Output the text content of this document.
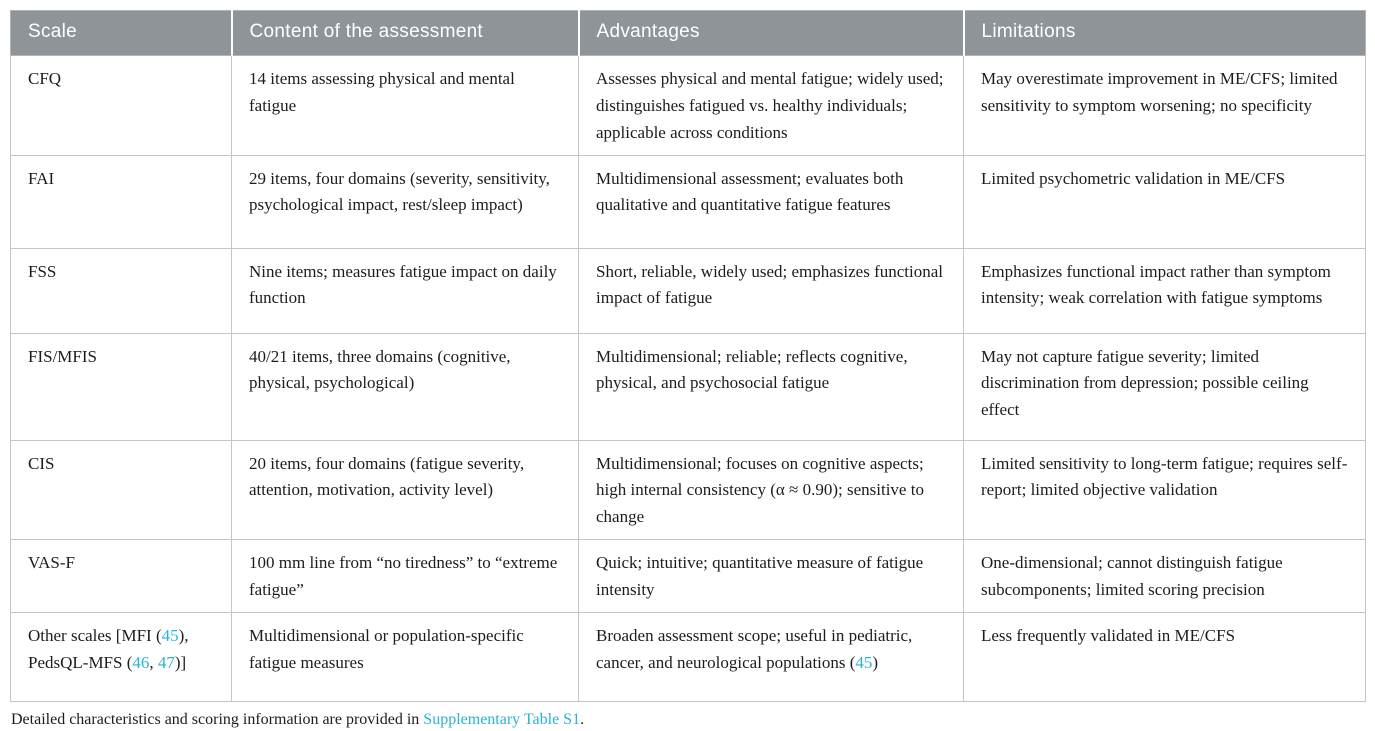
Scale	Content of the assessment	Advantages	Limitations
CFQ	14 items assessing physical and mental fatigue	Assesses physical and mental fatigue; widely used; distinguishes fatigued vs. healthy individuals; applicable across conditions	May overestimate improvement in ME/CFS; limited sensitivity to symptom worsening; no specificity
FAI	29 items, four domains (severity, sensitivity, psychological impact, rest/sleep impact)	Multidimensional assessment; evaluates both qualitative and quantitative fatigue features	Limited psychometric validation in ME/CFS
FSS	Nine items; measures fatigue impact on daily function	Short, reliable, widely used; emphasizes functional impact of fatigue	Emphasizes functional impact rather than symptom intensity; weak correlation with fatigue symptoms
FIS/MFIS	40/21 items, three domains (cognitive, physical, psychological)	Multidimensional; reliable; reflects cognitive, physical, and psychosocial fatigue	May not capture fatigue severity; limited discrimination from depression; possible ceiling effect
CIS	20 items, four domains (fatigue severity, attention, motivation, activity level)	Multidimensional; focuses on cognitive aspects; high internal consistency (α ≈ 0.90); sensitive to change	Limited sensitivity to long-term fatigue; requires self-report; limited objective validation
VAS-F	100 mm line from “no tiredness” to “extreme fatigue”	Quick; intuitive; quantitative measure of fatigue intensity	One-dimensional; cannot distinguish fatigue subcomponents; limited scoring precision
Other scales [MFI (45), PedsQL-MFS (46, 47)]	Multidimensional or population-specific fatigue measures	Broaden assessment scope; useful in pediatric, cancer, and neurological populations (45)	Less frequently validated in ME/CFS

Detailed characteristics and scoring information are provided in Supplementary Table S1.
